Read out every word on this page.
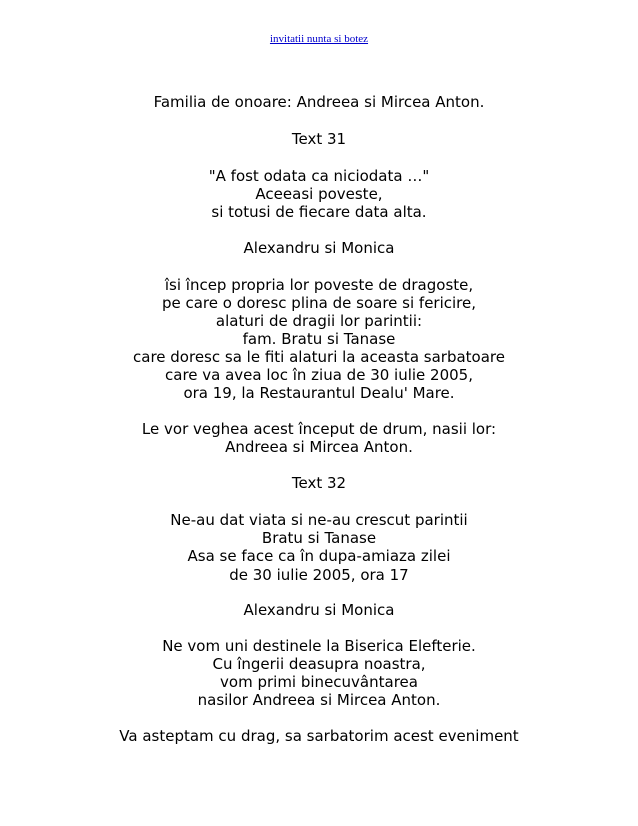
invitatii nunta si botez
Familia de onoare: Andreea si Mircea Anton.
Text 31
"A fost odata ca niciodata …"
Aceeasi poveste,
si totusi de fiecare data alta.
Alexandru si Monica
îsi încep propria lor poveste de dragoste,
pe care o doresc plina de soare si fericire,
alaturi de dragii lor parintii:
fam. Bratu si Tanase
care doresc sa le fiti alaturi la aceasta sarbatoare
care va avea loc în ziua de 30 iulie 2005,
ora 19, la Restaurantul Dealu' Mare.
Le vor veghea acest început de drum, nasii lor:
Andreea si Mircea Anton.
Text 32
Ne-au dat viata si ne-au crescut parintii
Bratu si Tanase
Asa se face ca în dupa-amiaza zilei
de 30 iulie 2005, ora 17
Alexandru si Monica
Ne vom uni destinele la Biserica Elefterie.
Cu îngerii deasupra noastra,
vom primi binecuvântarea
nasilor Andreea si Mircea Anton.
Va asteptam cu drag, sa sarbatorim acest eveniment
